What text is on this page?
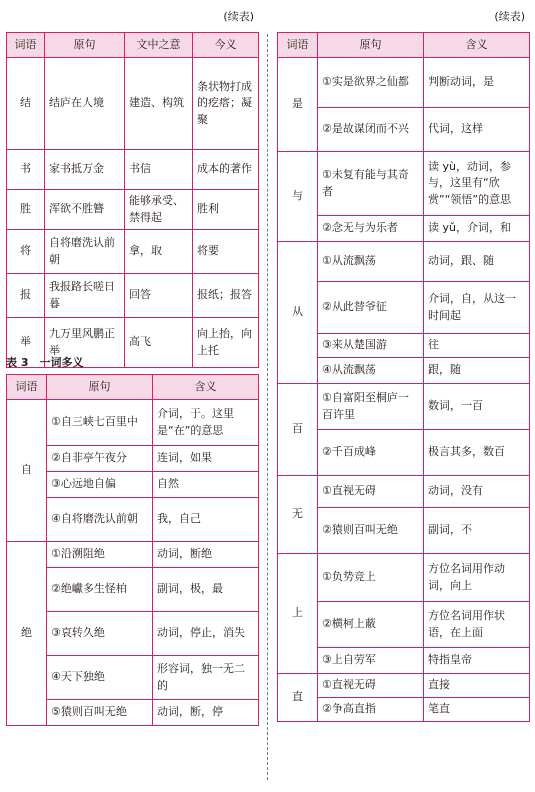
(续表)
词语	原句	文中之意	今义
结	结庐在人境	建造、构筑	条状物打成的疙瘩；凝聚
书	家书抵万金	书信	成本的著作
胜	浑欲不胜簪	能够承受、禁得起	胜利
将	自将磨洗认前朝	拿，取	将要
报	我报路长嗟日暮	回答	报纸；报答
举	九万里风鹏正举	高飞	向上抬，向上托
表 3　一词多义
词语	原句	含义
自	①自三峡七百里中	介词，于。这里是“在”的意思
	②自非亭午夜分	连词，如果
	③心远地自偏	自然
	④自将磨洗认前朝	我，自己
绝	①沿溯阻绝	动词，断绝
	②绝巘多生怪柏	副词，极，最
	③哀转久绝	动词，停止，消失
	④天下独绝	形容词，独一无二的
	⑤猿则百叫无绝	动词，断，停
(续表)
词语	原句	含义
是	①实是欲界之仙都	判断动词，是
	②是故谋闭而不兴	代词，这样
与	①未复有能与其奇者	读 yù，动词，参与，这里有“欣赏”“领悟”的意思
	②念无与为乐者	读 yǔ，介词，和
从	①从流飘荡	动词，跟、随
	②从此替爷征	介词，自，从这一时间起
	③来从楚国游	往
	④从流飘荡	跟，随
百	①自富阳至桐庐一百许里	数词，一百
	②千百成峰	极言其多，数百
无	①直视无碍	动词，没有
	②猿则百叫无绝	副词，不
上	①负势竞上	方位名词用作动词，向上
	②横柯上蔽	方位名词用作状语，在上面
	③上自劳军	特指皇帝
直	①直视无碍	直接
	②争高直指	笔直
